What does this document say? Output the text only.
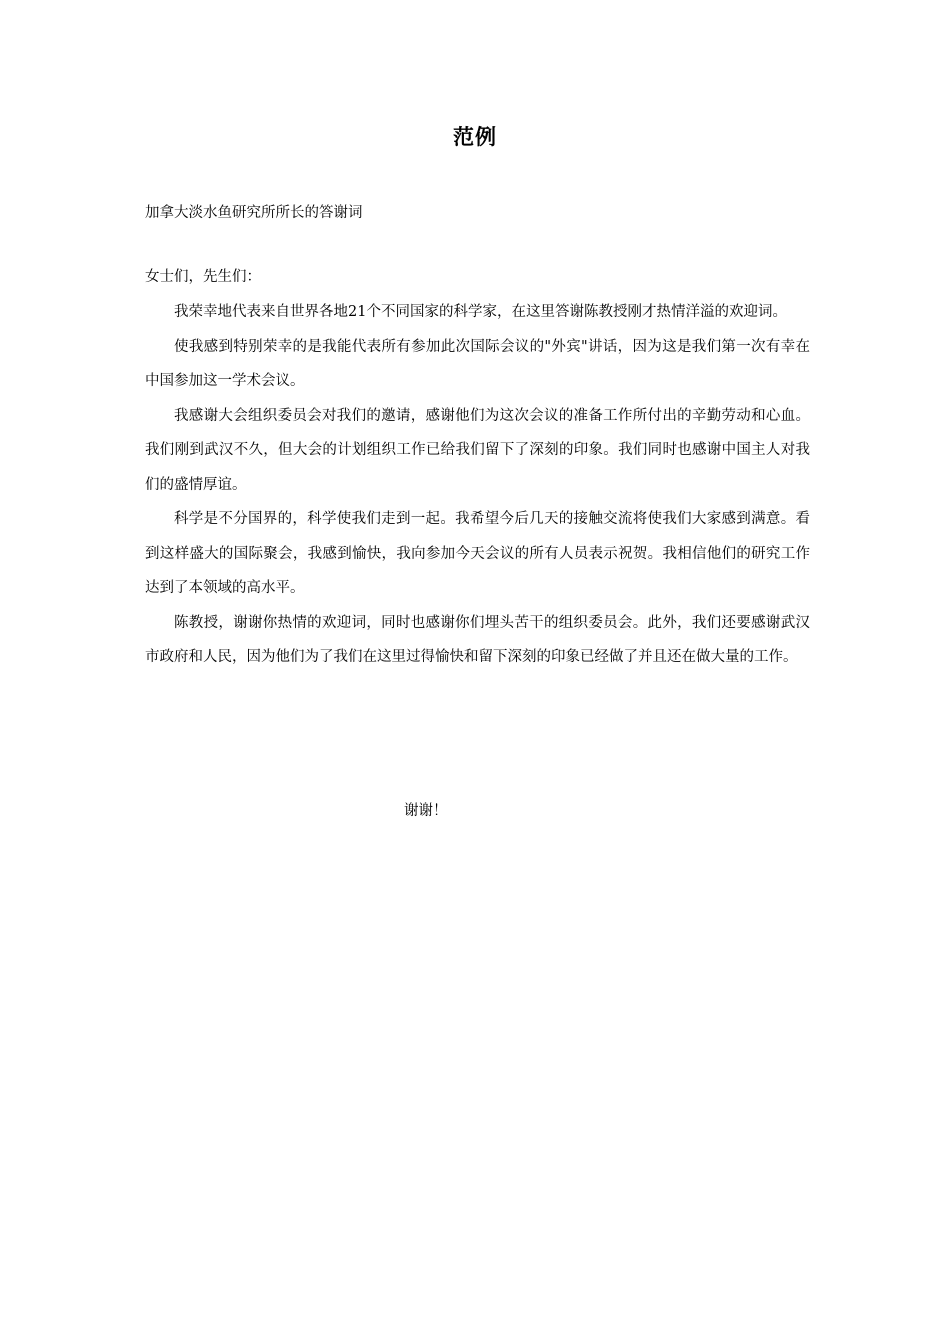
范例
加拿大淡水鱼研究所所长的答谢词
女士们，先生们：

我荣幸地代表来自世界各地21个不同国家的科学家，在这里答谢陈教授刚才热情洋溢的欢迎词。

使我感到特别荣幸的是我能代表所有参加此次国际会议的"外宾"讲话，因为这是我们第一次有幸在中国参加这一学术会议。

我感谢大会组织委员会对我们的邀请，感谢他们为这次会议的准备工作所付出的辛勤劳动和心血。我们刚到武汉不久，但大会的计划组织工作已给我们留下了深刻的印象。我们同时也感谢中国主人对我们的盛情厚谊。

科学是不分国界的，科学使我们走到一起。我希望今后几天的接触交流将使我们大家感到满意。看到这样盛大的国际聚会，我感到愉快，我向参加今天会议的所有人员表示祝贺。我相信他们的研究工作达到了本领域的高水平。

陈教授，谢谢你热情的欢迎词，同时也感谢你们埋头苦干的组织委员会。此外，我们还要感谢武汉市政府和人民，因为他们为了我们在这里过得愉快和留下深刻的印象已经做了并且还在做大量的工作。

谢谢！
